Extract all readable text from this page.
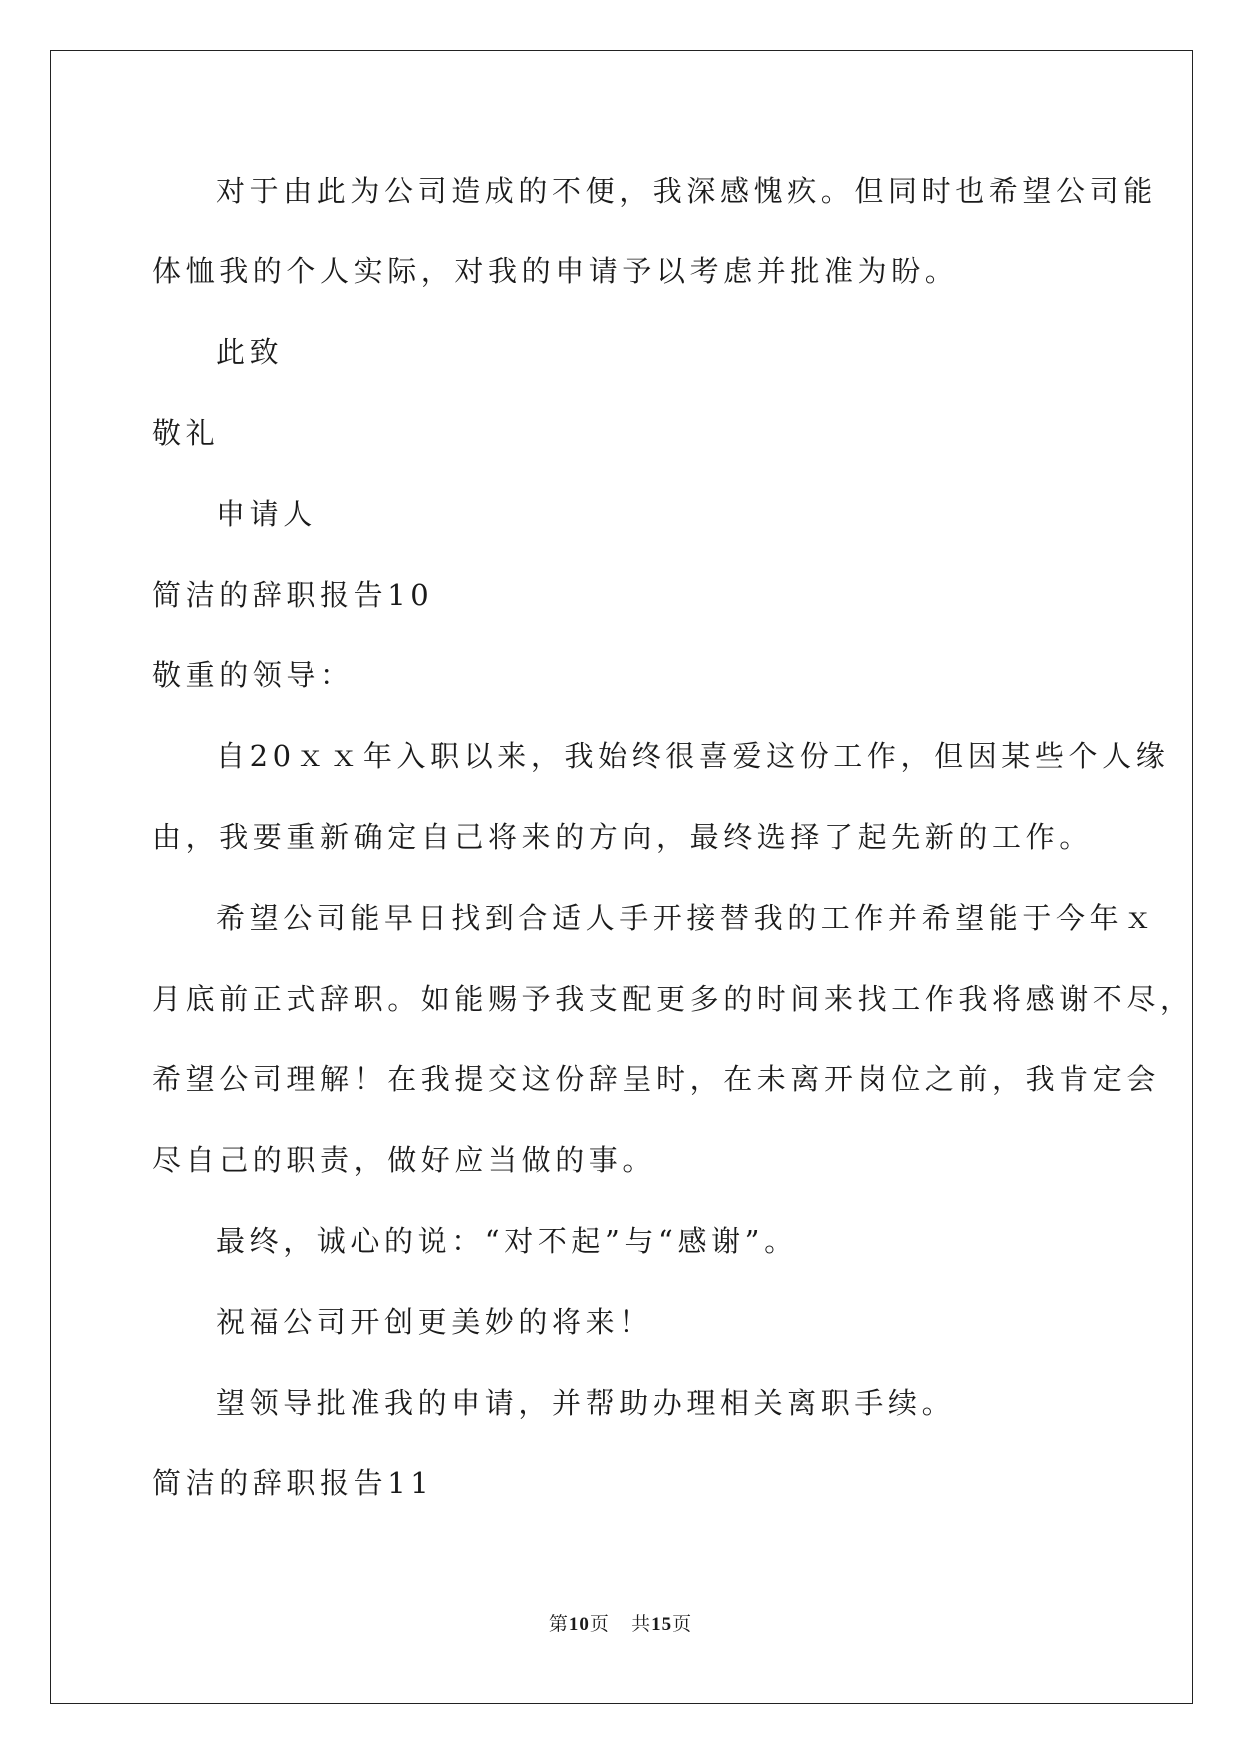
对于由此为公司造成的不便，我深感愧疚。但同时也希望公司能
体恤我的个人实际，对我的申请予以考虑并批准为盼。
此致
敬礼
申请人
简洁的辞职报告10
敬重的领导：
自20ｘｘ年入职以来，我始终很喜爱这份工作，但因某些个人缘
由，我要重新确定自己将来的方向，最终选择了起先新的工作。
希望公司能早日找到合适人手开接替我的工作并希望能于今年ｘ
月底前正式辞职。如能赐予我支配更多的时间来找工作我将感谢不尽，
希望公司理解！在我提交这份辞呈时，在未离开岗位之前，我肯定会
尽自己的职责，做好应当做的事。
最终，诚心的说：“对不起”与“感谢”。
祝福公司开创更美妙的将来！
望领导批准我的申请，并帮助办理相关离职手续。
简洁的辞职报告11
第10页 共15页
